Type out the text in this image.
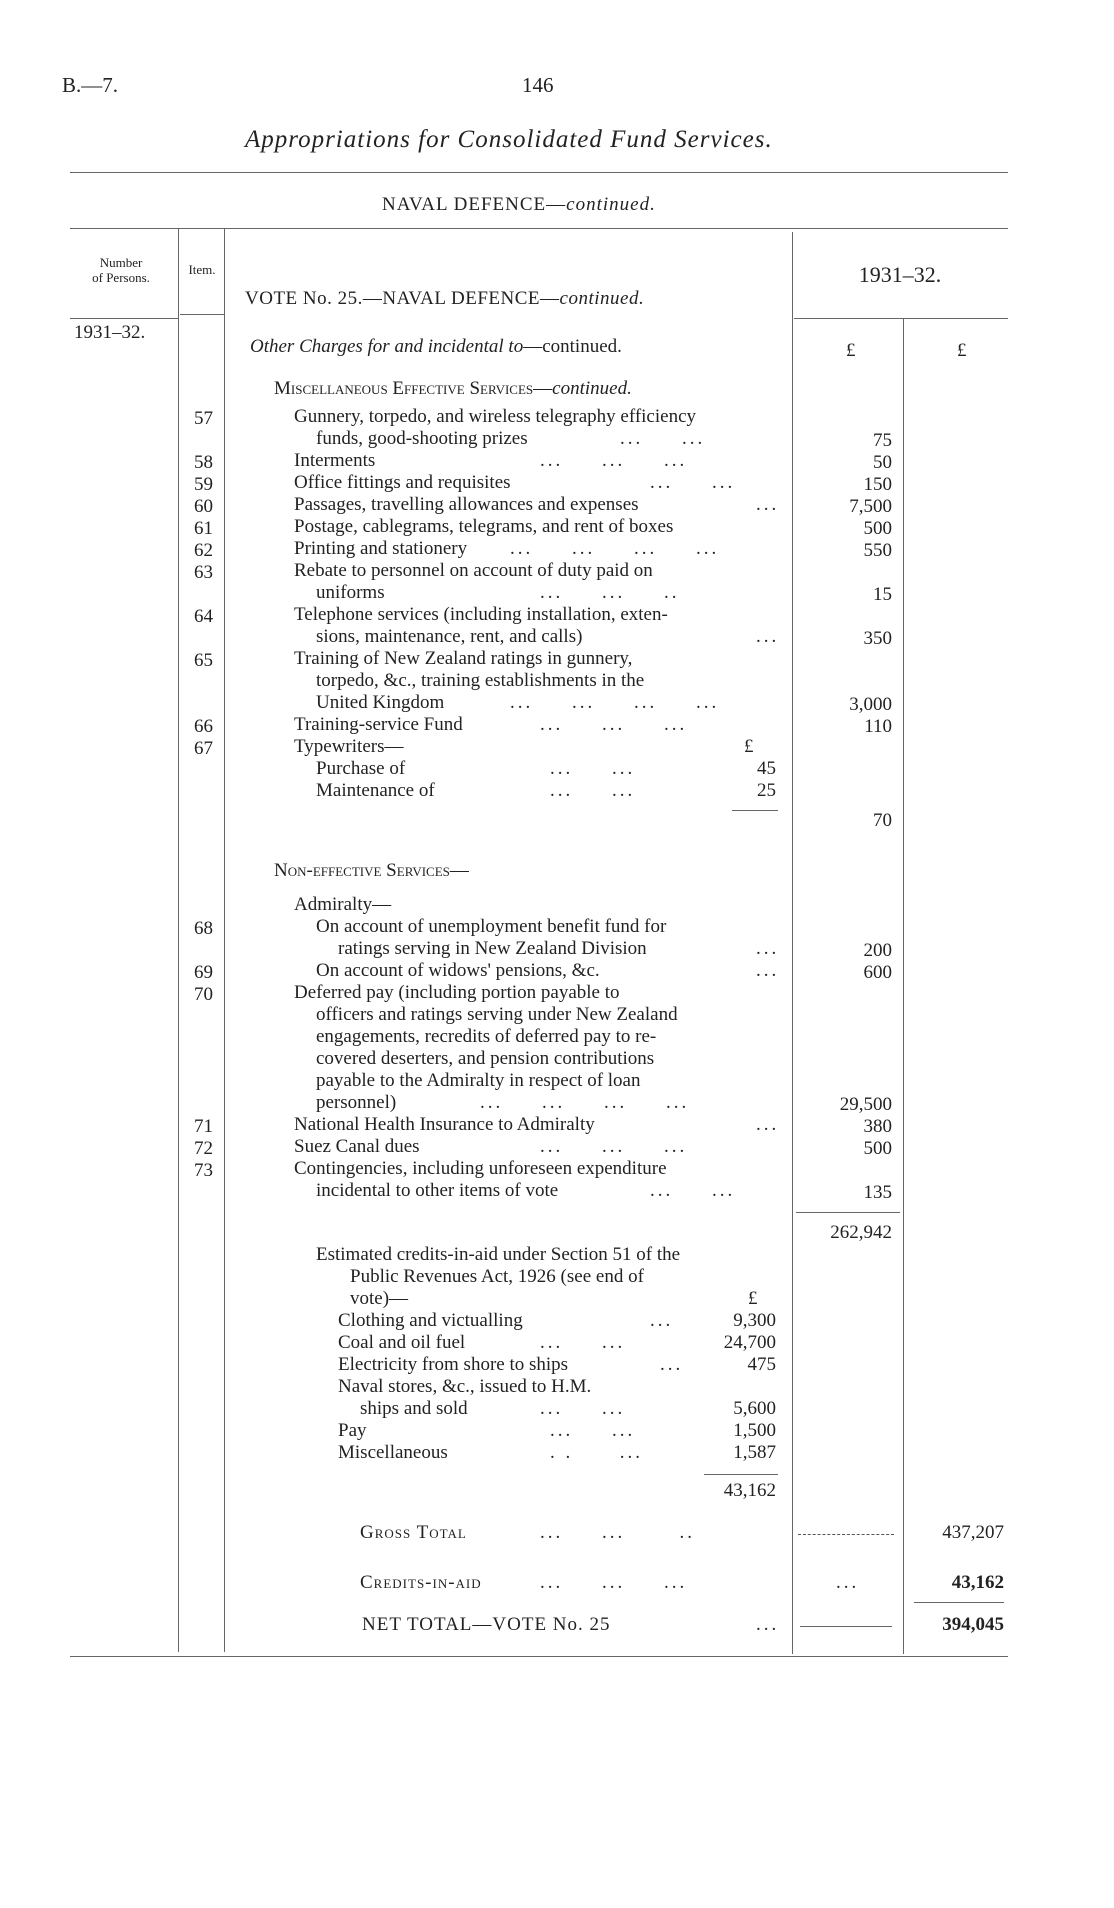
B.—7.	146
Appropriations for Consolidated Fund Services.
NAVAL DEFENCE—continued.
Number
of Persons.
Item.
VOTE No. 25.—NAVAL DEFENCE—continued.
1931–32.
1931–32.
£	£
Other Charges for and incidental to—continued.
Miscellaneous Effective Services—continued.
57	Gunnery, torpedo, and wireless telegraphy efficiency
funds, good-shooting prizes	...     ...	75
58	Interments	...     ...     ...	50
59	Office fittings and requisites	...     ...	150
60	Passages, travelling allowances and expenses	...	7,500
61	Postage, cablegrams, telegrams, and rent of boxes	500
62	Printing and stationery ...     ...     ...     ...	550
63	Rebate to personnel on account of duty paid on
uniforms	...     ...     ..	15
64	Telephone services (including installation, exten-
sions, maintenance, rent, and calls)	...	350
65	Training of New Zealand ratings in gunnery,
torpedo, &c., training establishments in the
United Kingdom	...     ...     ...     ...	3,000
66	Training-service Fund	...     ...     ...	110
67	Typewriters—	£
Purchase of	...     ...	45
Maintenance of	...     ...	25
70
Non-effective Services—
Admiralty—
68	On account of unemployment benefit fund for
ratings serving in New Zealand Division	...	200
69	On account of widows' pensions, &c.	...	600
70	Deferred pay (including portion payable to
officers and ratings serving under New Zealand
engagements, recredits of deferred pay to re-
covered deserters, and pension contributions
payable to the Admiralty in respect of loan
personnel)	...     ...     ...     ...	29,500
71	National Health Insurance to Admiralty	...	380
72	Suez Canal dues	...     ...     ...	500
73	Contingencies, including unforeseen expenditure
incidental to other items of vote	...     ...	135
262,942
Estimated credits-in-aid under Section 51 of the
Public Revenues Act, 1926 (see end of
vote)—	£
Clothing and victualling	...	9,300
Coal and oil fuel	...     ...	24,700
Electricity from shore to ships	...	475
Naval stores, &c., issued to H.M.
ships and sold	...     ...	5,600
Pay	...     ...	1,500
Miscellaneous	. .      ...	1,587
43,162
Gross Total	...     ...       ..	437,207
Credits-in-aid	...     ...     ...	...	43,162
NET TOTAL—VOTE No. 25	...	394,045
